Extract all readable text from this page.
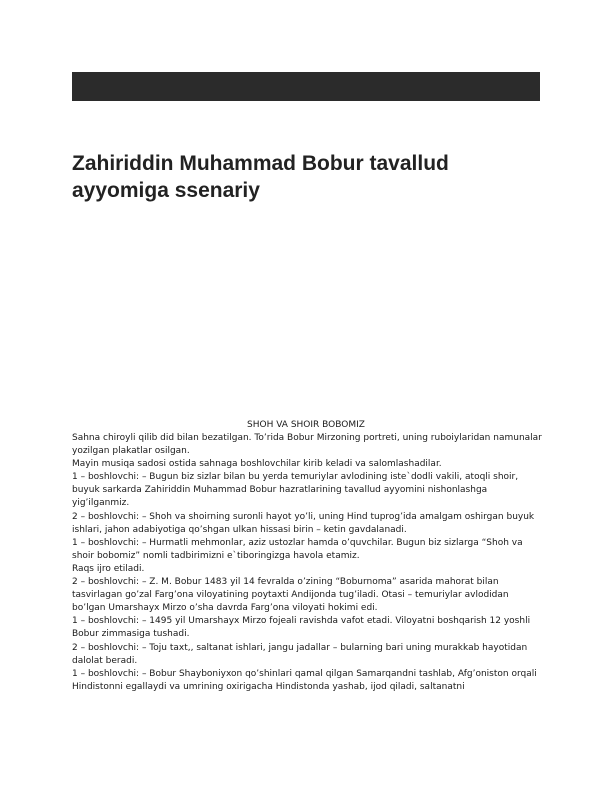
Zahiriddin Muhammad Bobur tavallud ayyomiga ssenariy
SHOH VA SHOIR BOBOMIZ

Sahna chiroyli qilib did bilan bezatilgan. To’rida Bobur Mirzoning portreti, uning ruboiylaridan namunalar yozilgan plakatlar osilgan.

Mayin musiqa sadosi ostida sahnaga boshlovchilar kirib keladi va salomlashadilar.

1 – boshlovchi: – Bugun biz sizlar bilan bu yerda temuriylar avlodining iste`dodli vakili, atoqli shoir, buyuk sarkarda Zahiriddin Muhammad Bobur hazratlarining tavallud ayyomini nishonlashga yig’ilganmiz.

2 – boshlovchi: – Shoh va shoirning suronli hayot yo’li, uning Hind tuprog’ida amalgam oshirgan buyuk ishlari, jahon adabiyotiga qo’shgan ulkan hissasi birin – ketin gavdalanadi.

1 – boshlovchi: – Hurmatli mehmonlar, aziz ustozlar hamda o’quvchilar. Bugun biz sizlarga “Shoh va shoir bobomiz” nomli tadbirimizni e`tiboringizga havola etamiz.

Raqs ijro etiladi.

2 – boshlovchi: – Z. M. Bobur 1483 yil 14 fevralda o’zining “Boburnoma” asarida mahorat bilan tasvirlagan go’zal Farg’ona viloyatining poytaxti Andijonda tug’iladi. Otasi – temuriylar avlodidan bo’lgan Umarshayx Mirzo o’sha davrda Farg’ona viloyati hokimi edi.

1 – boshlovchi: – 1495 yil Umarshayx Mirzo fojeali ravishda vafot etadi. Viloyatni boshqarish 12 yoshli Bobur zimmasiga tushadi.

2 – boshlovchi: – Toju taxt,, saltanat ishlari, jangu jadallar – bularning bari uning murakkab hayotidan dalolat beradi.

1 – boshlovchi: – Bobur Shayboniyxon qo’shinlari qamal qilgan Samarqandni tashlab, Afg’oniston orqali Hindistonni egallaydi va umrining oxirigacha Hindistonda yashab, ijod qiladi, saltanatni
